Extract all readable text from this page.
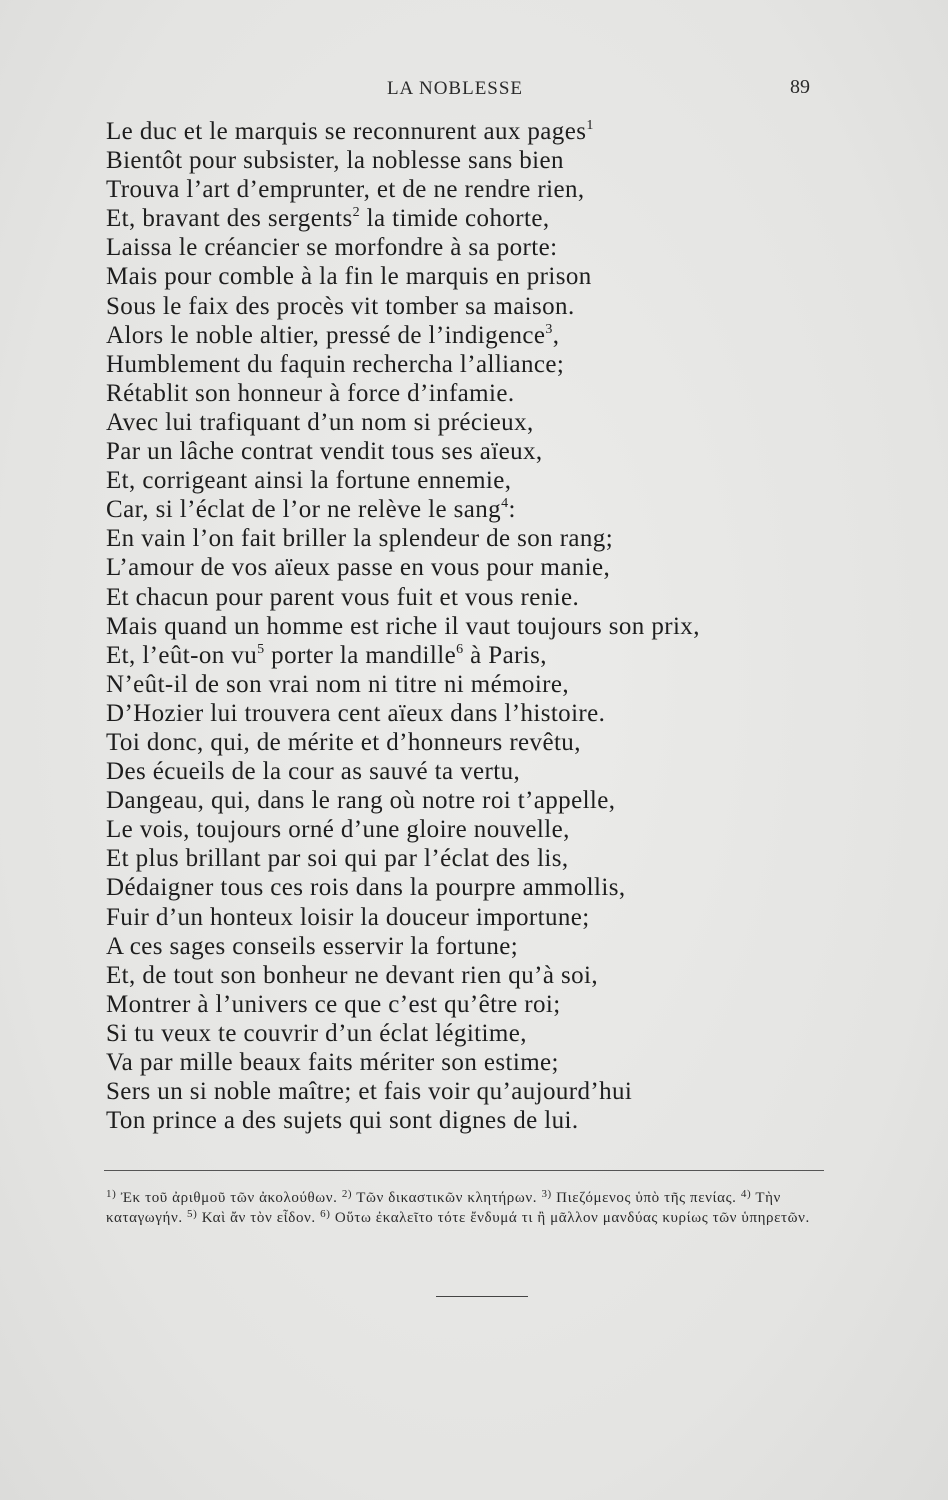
LA NOBLESSE	89
Le duc et le marquis se reconnurent aux pages$^1$
Bientôt pour subsister, la noblesse sans bien
Trouva l’art d’emprunter, et de ne rendre rien,
Et, bravant des sergents$^2$ la timide cohorte,
Laissa le créancier se morfondre à sa porte:
Mais pour comble à la fin le marquis en prison
Sous le faix des procès vit tomber sa maison.
Alors le noble altier, pressé de l’indigence$^3$,
Humblement du faquin rechercha l’alliance;
Rétablit son honneur à force d’infamie.
Avec lui trafiquant d’un nom si précieux,
Par un lâche contrat vendit tous ses aïeux,
Et, corrigeant ainsi la fortune ennemie,
Car, si l’éclat de l’or ne relève le sang$^4$:
En vain l’on fait briller la splendeur de son rang;
L’amour de vos aïeux passe en vous pour manie,
Et chacun pour parent vous fuit et vous renie.
Mais quand un homme est riche il vaut toujours son prix,
Et, l’eût-on $vu^5$ porter la mandille$^6$ à Paris,
N’eût-il de son vrai nom ni titre ni mémoire,
D’Hozier lui trouvera cent aïeux dans l’histoire.
Toi donc, qui, de mérite et d’honneurs revêtu,
Des écueils de la cour as sauvé ta vertu,
Dangeau, qui, dans le rang où notre roi t’appelle,
Le vois, toujours orné d’une gloire nouvelle,
Et plus brillant par soi qui par l’éclat des lis,
Dédaigner tous ces rois dans la pourpre ammollis,
Fuir d’un honteux loisir la douceur importune;
A ces sages conseils esservir la fortune;
Et, de tout son bonheur ne devant rien qu’à soi,
Montrer à l’univers ce que c’est qu’être roi;
Si tu veux te couvrir d’un éclat légitime,
Va par mille beaux faits mériter son estime;
Sers un si noble maître; et fais voir qu’aujourd’hui
Ton prince a des sujets qui sont dignes de lui.
$^{1)}$ Ἐκ τοῦ ἀριθμοῦ τῶν ἀκολούθων. $^{2)}$ Τῶν δικαστικῶν κλητήρων. $^{3)}$ Πιεζόμενος ὑπὸ τῆς πενίας. $^{4)}$ Τὴν καταγωγήν. $^{5)}$ Καὶ ἄν τὸν εἶδον. $^{6)}$ Οὕτω ἐκαλεῖτο τότε ἔνδυμά τι ἢ μᾶλλον μανδύας κυρίως τῶν ὑπηρετῶν.
